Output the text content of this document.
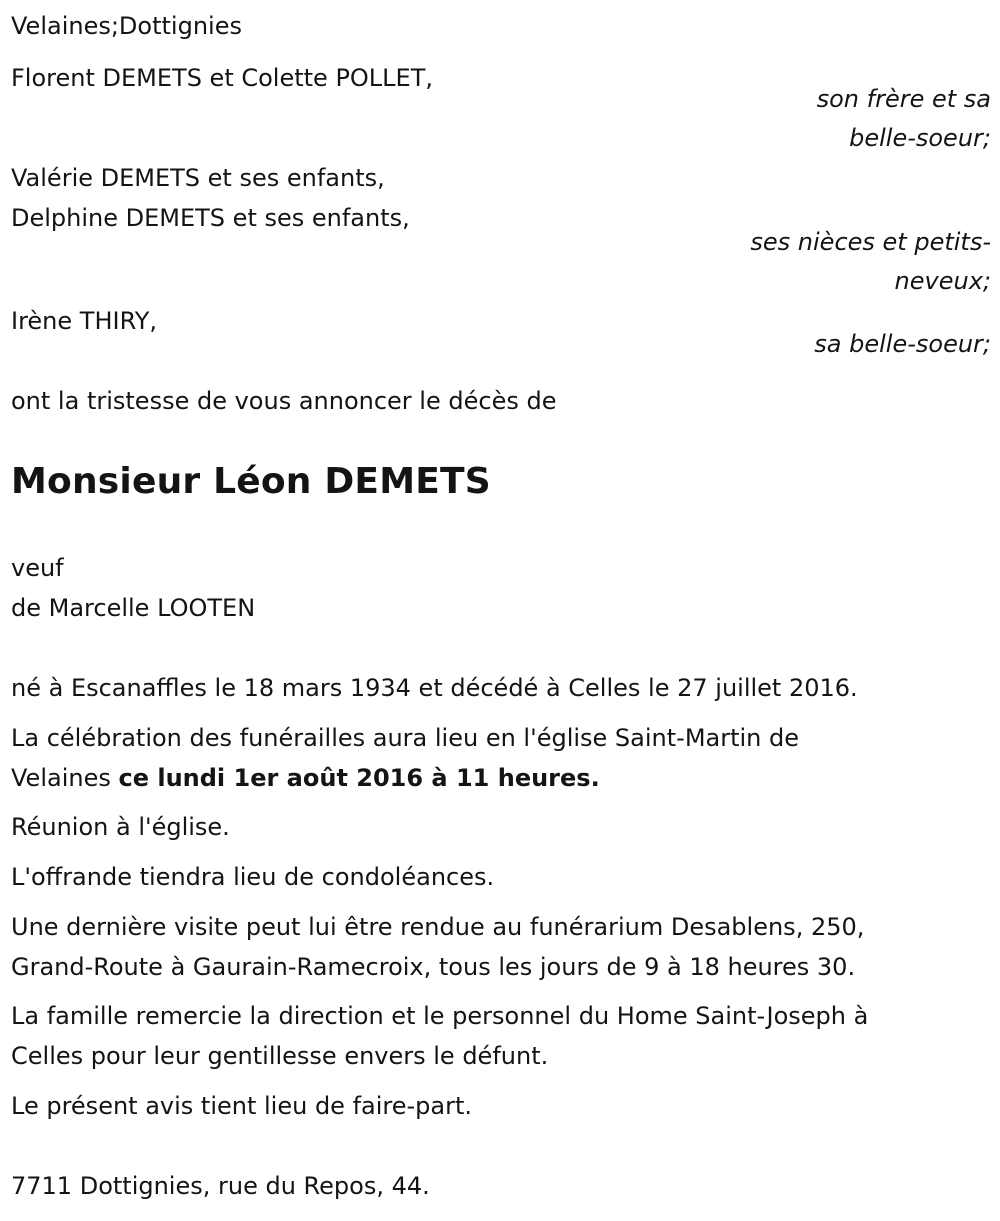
Velaines;Dottignies
Florent DEMETS et Colette POLLET,
son frère et sa
belle-soeur;
Valérie DEMETS et ses enfants,
Delphine DEMETS et ses enfants,
ses nièces et petits-
neveux;
Irène THIRY,
sa belle-soeur;
ont la tristesse de vous annoncer le décès de
Monsieur Léon DEMETS
veuf
de Marcelle LOOTEN
né à Escanaffles le 18 mars 1934 et décédé à Celles le 27 juillet 2016.
La célébration des funérailles aura lieu en l'église Saint-Martin de
Velaines ce lundi 1er août 2016 à 11 heures.
Réunion à l'église.
L'offrande tiendra lieu de condoléances.
Une dernière visite peut lui être rendue au funérarium Desablens, 250,
Grand-Route à Gaurain-Ramecroix, tous les jours de 9 à 18 heures 30.
La famille remercie la direction et le personnel du Home Saint-Joseph à
Celles pour leur gentillesse envers le défunt.
Le présent avis tient lieu de faire-part.
7711 Dottignies, rue du Repos, 44.
